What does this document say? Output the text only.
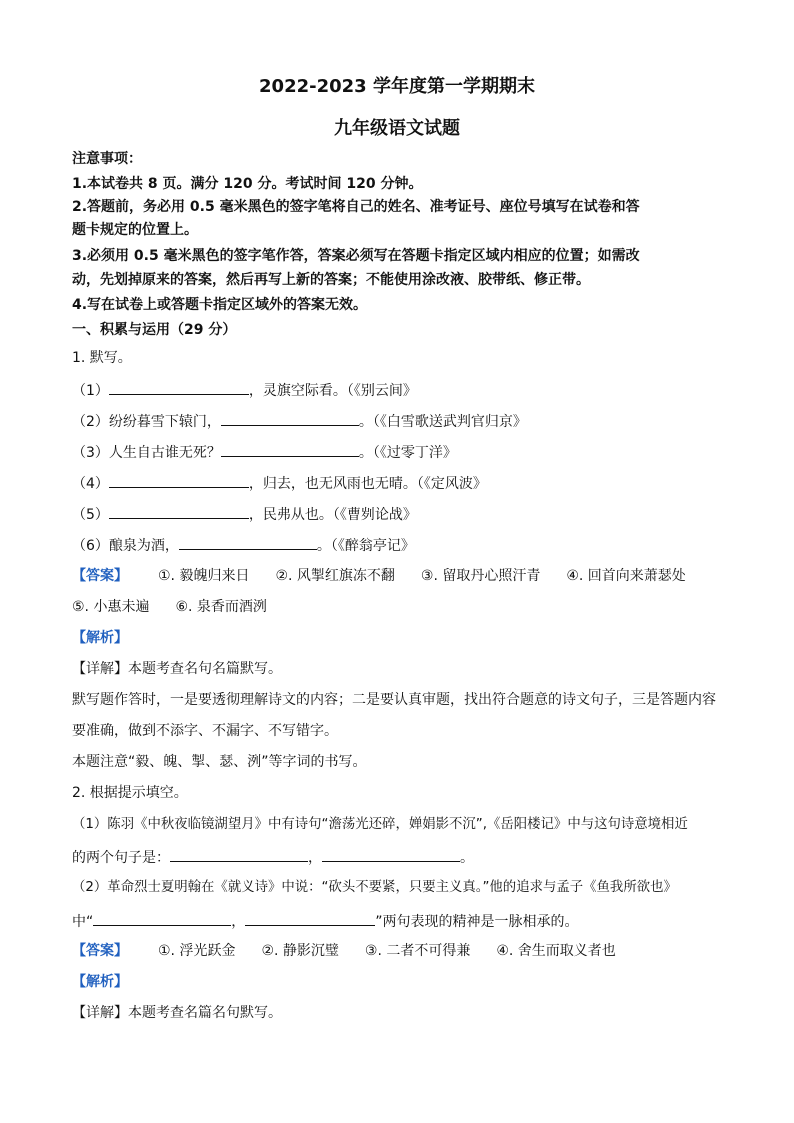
2022-2023 学年度第一学期期末
九年级语文试题
注意事项：
1.本试卷共 8 页。满分 120 分。考试时间 120 分钟。
2.答题前，务必用 0.5 毫米黑色的签字笔将自己的姓名、准考证号、座位号填写在试卷和答
题卡规定的位置上。
3.必须用 0.5 毫米黑色的签字笔作答，答案必须写在答题卡指定区域内相应的位置；如需改
动，先划掉原来的答案，然后再写上新的答案；不能使用涂改液、胶带纸、修正带。
4.写在试卷上或答题卡指定区域外的答案无效。
一、积累与运用（29 分）
1. 默写。
（1）	，灵旗空际看。（《别云间》
（2）纷纷暮雪下辕门，	。（《白雪歌送武判官归京》
（3）人生自古谁无死？	。（《过零丁洋》
（4）	，归去，也无风雨也无晴。（《定风波》
（5）	，民弗从也。（《曹刿论战》
（6）酿泉为酒，	。（《醉翁亭记》
【答案】 ①. 毅魄归来日 ②. 风掣红旗冻不翻 ③. 留取丹心照汗青 ④. 回首向来萧瑟处
⑤. 小惠未遍 ⑥. 泉香而酒洌
【解析】
【详解】本题考查名句名篇默写。
默写题作答时，一是要透彻理解诗文的内容；二是要认真审题，找出符合题意的诗文句子，三是答题内容
要准确，做到不添字、不漏字、不写错字。
本题注意“毅、魄、掣、瑟、洌”等字词的书写。
2. 根据提示填空。
（1）陈羽《中秋夜临镜湖望月》中有诗句“澹荡光还碎，婵娟影不沉”,《岳阳楼记》中与这句诗意境相近
的两个句子是：	，	。
（2）革命烈士夏明翰在《就义诗》中说：“砍头不要紧，只要主义真。”他的追求与孟子《鱼我所欲也》
中“	，	”两句表现的精神是一脉相承的。
【答案】 ①. 浮光跃金 ②. 静影沉璧 ③. 二者不可得兼 ④. 舍生而取义者也
【解析】
【详解】本题考查名篇名句默写。
